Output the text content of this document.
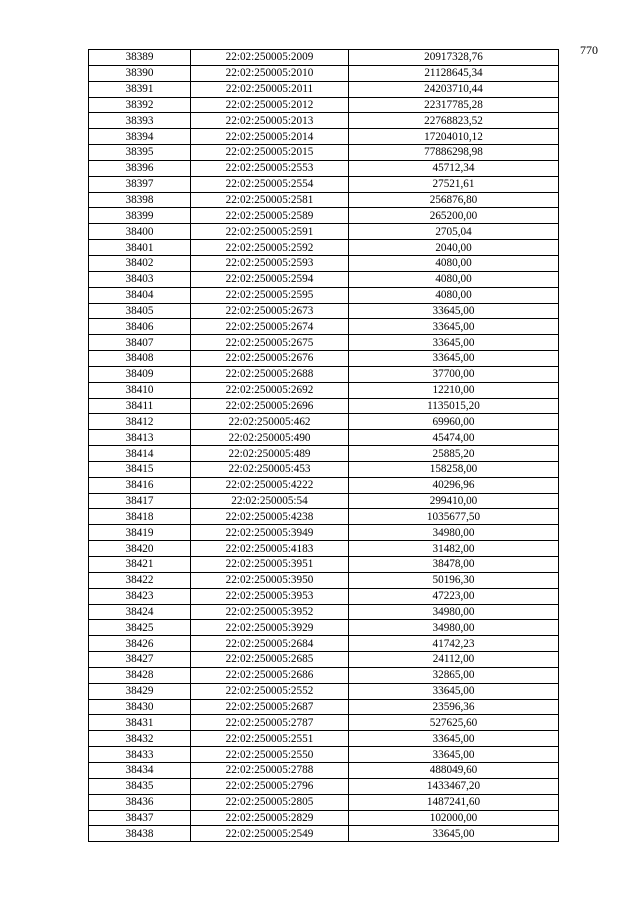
770
38389	22:02:250005:2009	20917328,76
38390	22:02:250005:2010	21128645,34
38391	22:02:250005:2011	24203710,44
38392	22:02:250005:2012	22317785,28
38393	22:02:250005:2013	22768823,52
38394	22:02:250005:2014	17204010,12
38395	22:02:250005:2015	77886298,98
38396	22:02:250005:2553	45712,34
38397	22:02:250005:2554	27521,61
38398	22:02:250005:2581	256876,80
38399	22:02:250005:2589	265200,00
38400	22:02:250005:2591	2705,04
38401	22:02:250005:2592	2040,00
38402	22:02:250005:2593	4080,00
38403	22:02:250005:2594	4080,00
38404	22:02:250005:2595	4080,00
38405	22:02:250005:2673	33645,00
38406	22:02:250005:2674	33645,00
38407	22:02:250005:2675	33645,00
38408	22:02:250005:2676	33645,00
38409	22:02:250005:2688	37700,00
38410	22:02:250005:2692	12210,00
38411	22:02:250005:2696	1135015,20
38412	22:02:250005:462	69960,00
38413	22:02:250005:490	45474,00
38414	22:02:250005:489	25885,20
38415	22:02:250005:453	158258,00
38416	22:02:250005:4222	40296,96
38417	22:02:250005:54	299410,00
38418	22:02:250005:4238	1035677,50
38419	22:02:250005:3949	34980,00
38420	22:02:250005:4183	31482,00
38421	22:02:250005:3951	38478,00
38422	22:02:250005:3950	50196,30
38423	22:02:250005:3953	47223,00
38424	22:02:250005:3952	34980,00
38425	22:02:250005:3929	34980,00
38426	22:02:250005:2684	41742,23
38427	22:02:250005:2685	24112,00
38428	22:02:250005:2686	32865,00
38429	22:02:250005:2552	33645,00
38430	22:02:250005:2687	23596,36
38431	22:02:250005:2787	527625,60
38432	22:02:250005:2551	33645,00
38433	22:02:250005:2550	33645,00
38434	22:02:250005:2788	488049,60
38435	22:02:250005:2796	1433467,20
38436	22:02:250005:2805	1487241,60
38437	22:02:250005:2829	102000,00
38438	22:02:250005:2549	33645,00
